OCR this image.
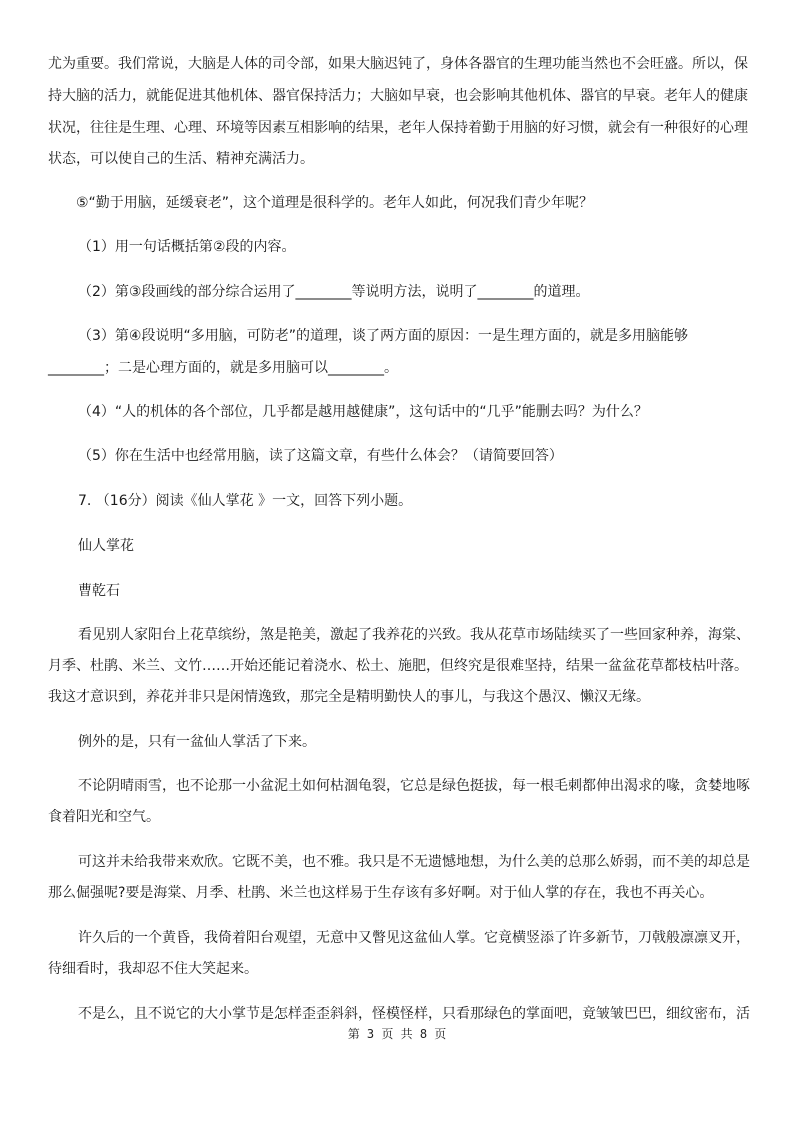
尤为重要。我们常说，大脑是人体的司令部，如果大脑迟钝了，身体各器官的生理功能当然也不会旺盛。所以，保
持大脑的活力，就能促进其他机体、器官保持活力；大脑如早衰，也会影响其他机体、器官的早衰。老年人的健康
状况，往往是生理、心理、环境等因素互相影响的结果，老年人保持着勤于用脑的好习惯，就会有一种很好的心理
状态，可以使自己的生活、精神充满活力。
⑤“勤于用脑，延缓衰老”，这个道理是很科学的。老年人如此，何况我们青少年呢？
（1）用一句话概括第②段的内容。
（2）第③段画线的部分综合运用了________等说明方法，说明了________的道理。
（3）第④段说明“多用脑，可防老”的道理，谈了两方面的原因：一是生理方面的，就是多用脑能够
________；二是心理方面的，就是多用脑可以________。
（4）“人的机体的各个部位，几乎都是越用越健康”，这句话中的“几乎”能删去吗？为什么？
（5）你在生活中也经常用脑，读了这篇文章，有些什么体会？（请简要回答）
7. （16分）阅读《仙人掌花 》一文，回答下列小题。
仙人掌花
曹乾石
看见别人家阳台上花草缤纷，煞是艳美，激起了我养花的兴致。我从花草市场陆续买了一些回家种养，海棠、
月季、杜鹃、米兰、文竹……开始还能记着浇水、松土、施肥，但终究是很难坚持，结果一盆盆花草都枝枯叶落。
我这才意识到，养花并非只是闲情逸致，那完全是精明勤快人的事儿，与我这个愚汉、懒汉无缘。
例外的是，只有一盆仙人掌活了下来。
不论阴晴雨雪，也不论那一小盆泥土如何枯涸龟裂，它总是绿色挺拔，每一根毛刺都伸出渴求的喙，贪婪地啄
食着阳光和空气。
可这并未给我带来欢欣。它既不美，也不雅。我只是不无遗憾地想，为什么美的总那么娇弱，而不美的却总是
那么倔强呢?要是海棠、月季、杜鹃、米兰也这样易于生存该有多好啊。对于仙人掌的存在，我也不再关心。
许久后的一个黄昏，我倚着阳台观望，无意中又瞥见这盆仙人掌。它竟横竖添了许多新节，刀戟般凛凛叉开，
待细看时，我却忍不住大笑起来。
不是么，且不说它的大小掌节是怎样歪歪斜斜，怪模怪样，只看那绿色的掌面吧，竟皱皱巴巴，细纹密布，活
第 3 页 共 8 页
